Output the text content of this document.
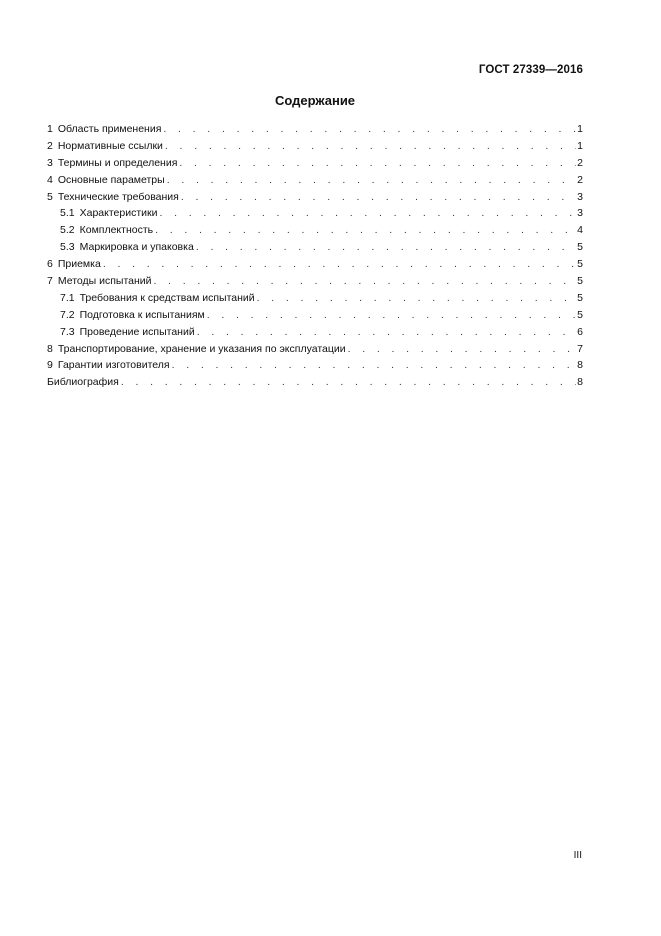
ГОСТ 27339—2016
Содержание
1 Область применения . . .	1
2 Нормативные ссылки . . .	1
3 Термины и определения . . .	2
4 Основные параметры . . .	2
5 Технические требования . . .	3
5.1 Характеристики . . .	3
5.2 Комплектность . . .	4
5.3 Маркировка и упаковка . . .	5
6 Приемка . . .	5
7 Методы испытаний . . .	5
7.1 Требования к средствам испытаний . . .	5
7.2 Подготовка к испытаниям . . .	5
7.3 Проведение испытаний . . .	6
8 Транспортирование, хранение и указания по эксплуатации . . .	7
9 Гарантии изготовителя . . .	8
Библиография . . .	8
III
